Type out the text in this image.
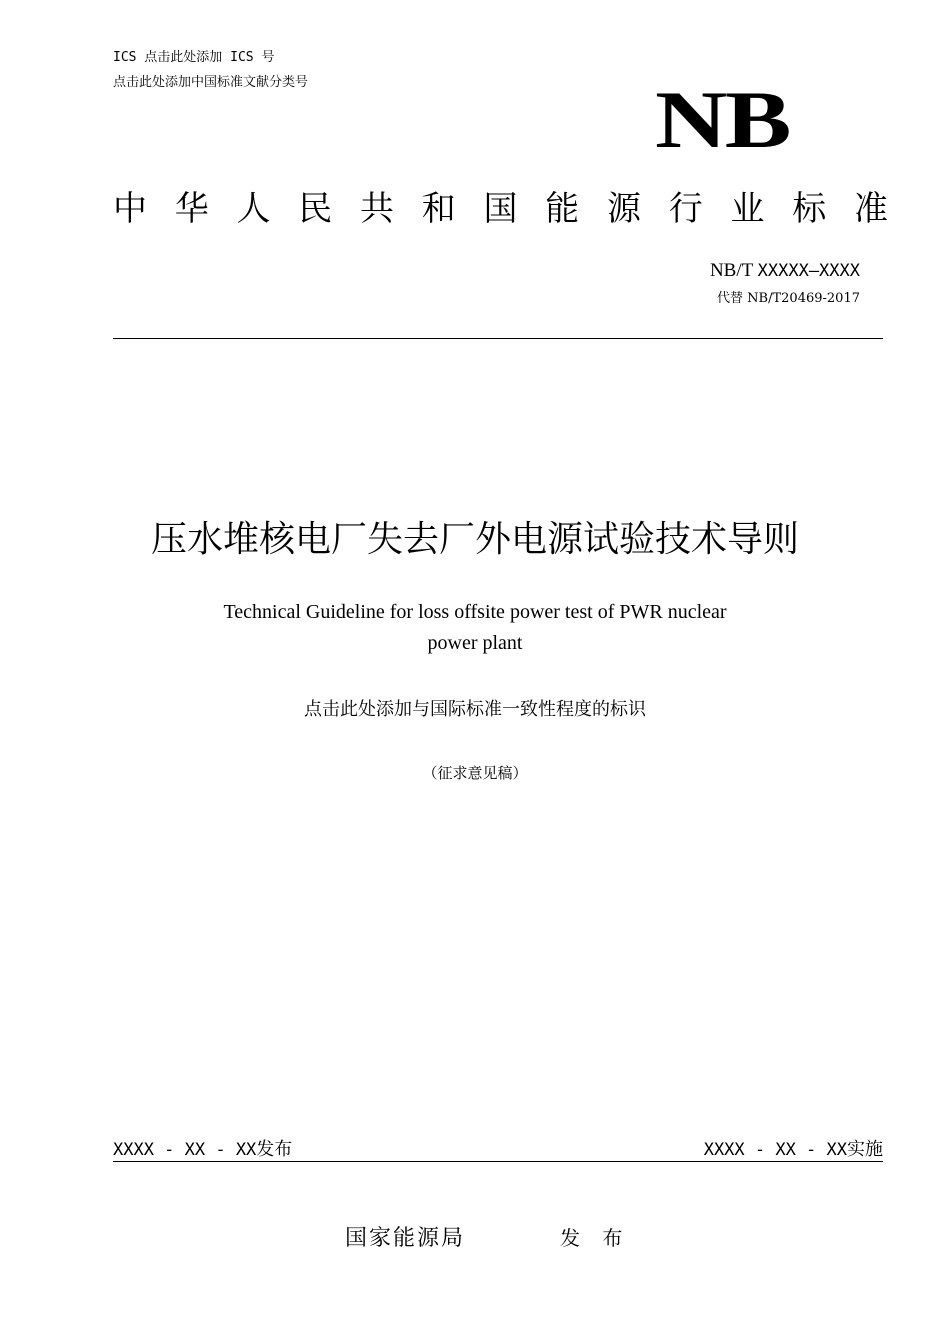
ICS 点击此处添加 ICS 号
点击此处添加中国标准文献分类号	NB
中 华 人 民 共 和 国 能 源 行 业 标 准
NB/T XXXXX—XXXX
代替 NB/T20469-2017
压水堆核电厂失去厂外电源试验技术导则
Technical Guideline for loss offsite power test of PWR nuclear
power plant
点击此处添加与国际标准一致性程度的标识
（征求意见稿）
XXXX - XX - XX发布	XXXX - XX - XX实施
国家能源局	发 布
